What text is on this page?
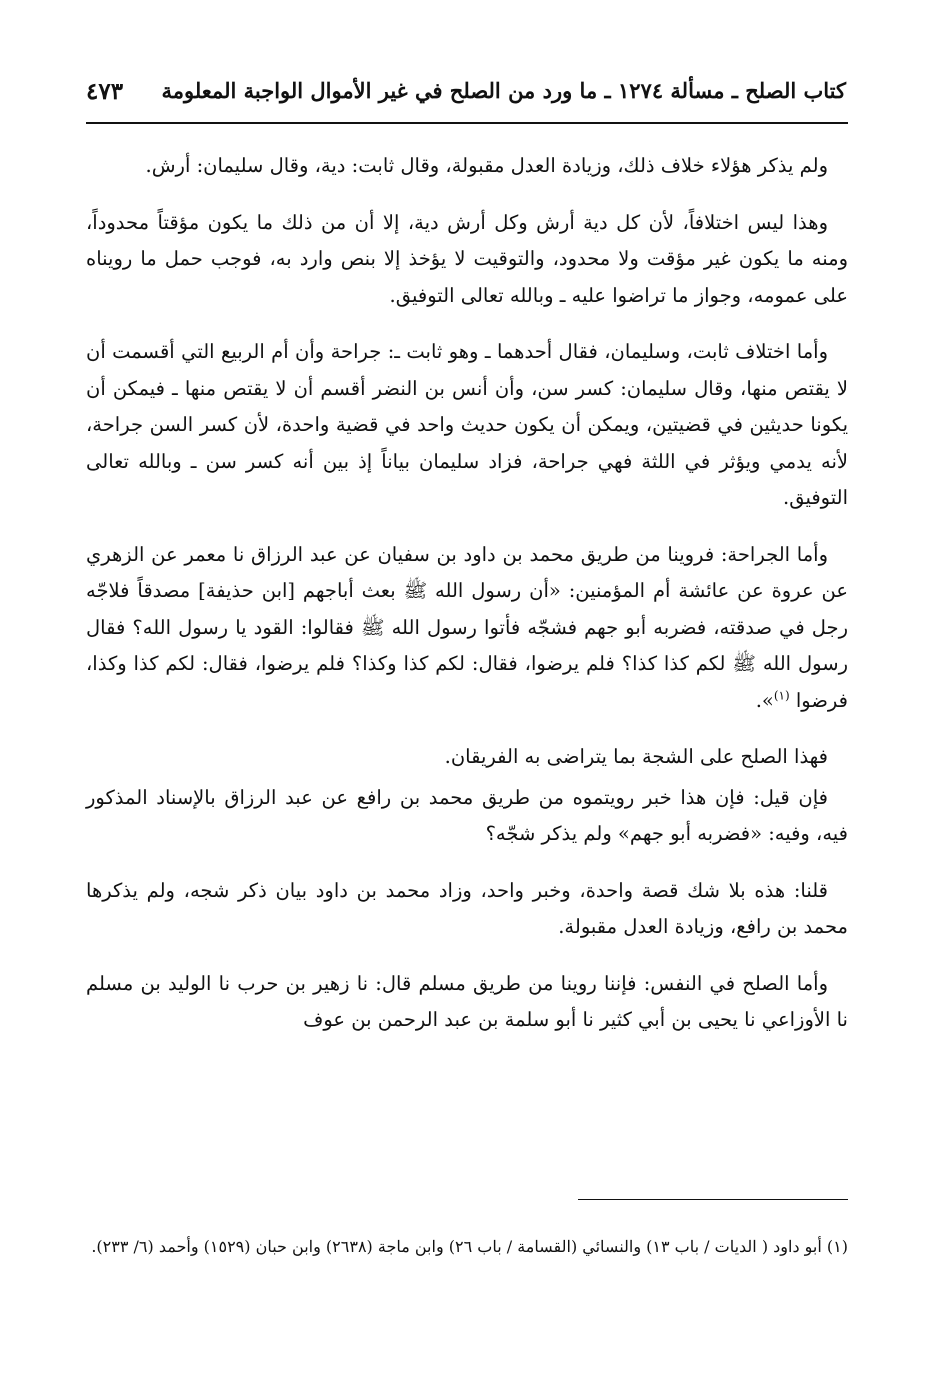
كتاب الصلح ـ مسألة ١٢٧٤ ـ ما ورد من الصلح في غير الأموال الواجبة المعلومة
٤٧٣

ولم يذكر هؤلاء خلاف ذلك، وزيادة العدل مقبولة، وقال ثابت: دية، وقال سليمان: أرش.

وهذا ليس اختلافاً، لأن كل دية أرش وكل أرش دية، إلا أن من ذلك ما يكون مؤقتاً محدوداً، ومنه ما يكون غير مؤقت ولا محدود، والتوقيت لا يؤخذ إلا بنص وارد به، فوجب حمل ما رويناه على عمومه، وجواز ما تراضوا عليه ـ وبالله تعالى التوفيق.

وأما اختلاف ثابت، وسليمان، فقال أحدهما ـ وهو ثابت ـ: جراحة وأن أم الربيع التي أقسمت أن لا يقتص منها، وقال سليمان: كسر سن، وأن أنس بن النضر أقسم أن لا يقتص منها ـ فيمكن أن يكونا حديثين في قضيتين، ويمكن أن يكون حديث واحد في قضية واحدة، لأن كسر السن جراحة، لأنه يدمي ويؤثر في اللثة فهي جراحة، فزاد سليمان بياناً إذ بين أنه كسر سن ـ وبالله تعالى التوفيق.

وأما الجراحة: فروينا من طريق محمد بن داود بن سفيان عن عبد الرزاق نا معمر عن الزهري عن عروة عن عائشة أم المؤمنين: «أن رسول الله ﷺ بعث أباجهم [ابن حذيفة] مصدقاً فلاجّه رجل في صدقته، فضربه أبو جهم فشجّه فأتوا رسول الله ﷺ فقالوا: القود يا رسول الله؟ فقال رسول الله ﷺ لكم كذا كذا؟ فلم يرضوا، فقال: لكم كذا وكذا؟ فلم يرضوا، فقال: لكم كذا وكذا، فرضوا $^{(١)}$».

فهذا الصلح على الشجة بما يتراضى به الفريقان.

فإن قيل: فإن هذا خبر رويتموه من طريق محمد بن رافع عن عبد الرزاق بالإسناد المذكور فيه، وفيه: «فضربه أبو جهم» ولم يذكر شجّه؟

قلنا: هذه بلا شك قصة واحدة، وخبر واحد، وزاد محمد بن داود بيان ذكر شجه، ولم يذكرها محمد بن رافع، وزيادة العدل مقبولة.

وأما الصلح في النفس: فإننا روينا من طريق مسلم قال: نا زهير بن حرب نا الوليد بن مسلم نا الأوزاعي نا يحيى بن أبي كثير نا أبو سلمة بن عبد الرحمن بن عوف

(١) أبو داود ( الديات / باب ١٣) والنسائي (القسامة / باب ٢٦) وابن ماجة (٢٦٣٨) وابن حبان (١٥٢٩) وأحمد (٦/ ٢٣٣).
